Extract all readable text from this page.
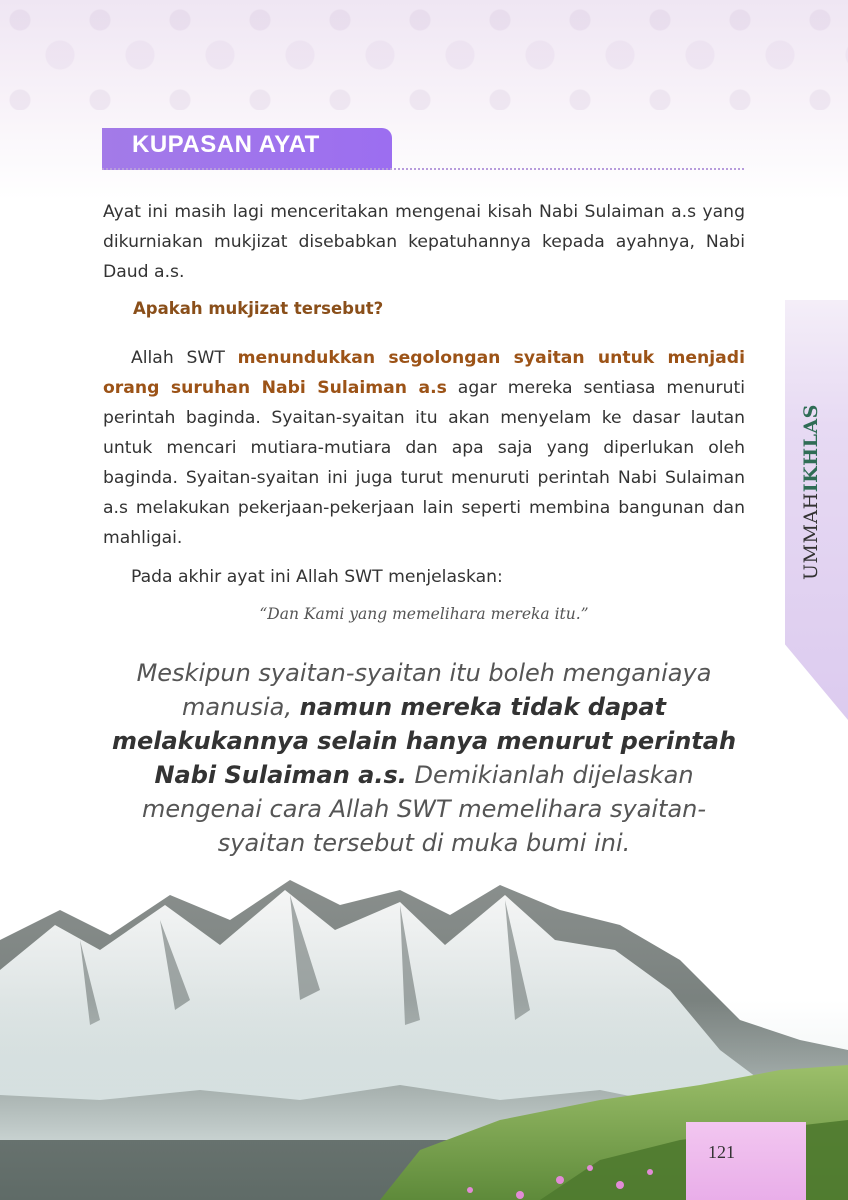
UMMAHIKHLAS
KUPASAN AYAT

Ayat ini masih lagi menceritakan mengenai kisah Nabi Sulaiman a.s yang dikurniakan mukjizat disebabkan kepatuhannya kepada ayahnya, Nabi Daud a.s.

Apakah mukjizat tersebut?

Allah SWT menundukkan segolongan syaitan untuk menjadi orang suruhan Nabi Sulaiman a.s agar mereka sentiasa menuruti perintah baginda. Syaitan-syaitan itu akan menyelam ke dasar lautan untuk mencari mutiara-mutiara dan apa saja yang diperlukan oleh baginda. Syaitan-syaitan ini juga turut menuruti perintah Nabi Sulaiman a.s melakukan pekerjaan-pekerjaan lain seperti membina bangunan dan mahligai.

Pada akhir ayat ini Allah SWT menjelaskan:

“Dan Kami yang memelihara mereka itu.”

Meskipun syaitan-syaitan itu boleh menganiaya manusia, namun mereka tidak dapat melakukannya selain hanya menurut perintah Nabi Sulaiman a.s. Demikianlah dijelaskan mengenai cara Allah SWT memelihara syaitan-syaitan tersebut di muka bumi ini.

121
